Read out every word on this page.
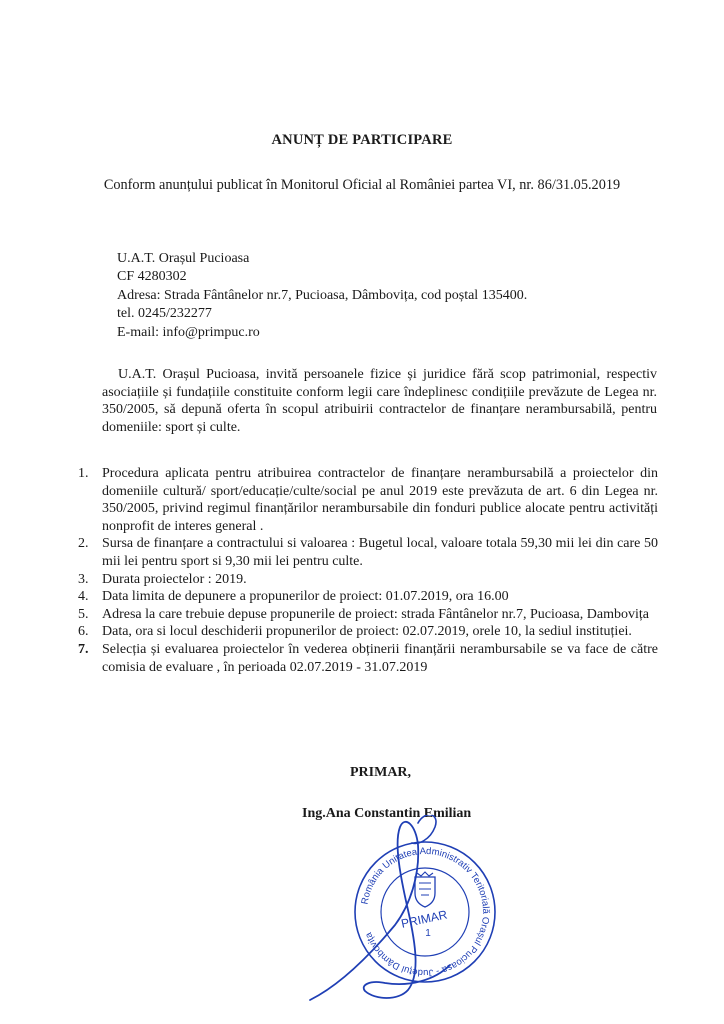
ANUNȚ DE PARTICIPARE
Conform anunțului publicat în Monitorul Oficial al României partea VI, nr. 86/31.05.2019
U.A.T. Orașul Pucioasa
CF 4280302
Adresa: Strada Fântânelor nr.7, Pucioasa, Dâmbovița, cod poștal 135400.
tel. 0245/232277
E-mail: info@primpuc.ro
U.A.T. Orașul Pucioasa, invită persoanele fizice și juridice fără scop patrimonial, respectiv asociațiile și fundațiile constituite conform legii care îndeplinesc condițiile prevăzute de Legea nr. 350/2005, să depună oferta în scopul atribuirii contractelor de finanțare nerambursabilă, pentru domeniile: sport și culte.
1. Procedura aplicata pentru atribuirea contractelor de finanțare nerambursabilă a proiectelor din domeniile cultură/ sport/educație/culte/social pe anul 2019 este prevăzuta de art. 6 din Legea nr. 350/2005, privind regimul finanțărilor nerambursabile din fonduri publice alocate pentru activități nonprofit de interes general .
2. Sursa de finanțare a contractului si valoarea : Bugetul local, valoare totala 59,30 mii lei din care 50 mii lei pentru sport si 9,30 mii lei pentru culte.
3. Durata proiectelor : 2019.
4. Data limita de depunere a propunerilor de proiect: 01.07.2019, ora 16.00
5. Adresa la care trebuie depuse propunerile de proiect: strada Fântânelor nr.7, Pucioasa, Dambovița
6. Data, ora si locul deschiderii propunerilor de proiect: 02.07.2019, orele 10, la sediul instituției.
7. Selecția și evaluarea proiectelor în vederea obținerii finanțării nerambursabile se va face de către comisia de evaluare , în perioada 02.07.2019 - 31.07.2019
PRIMAR,
Ing.Ana Constantin Emilian
România Unitatea Administrativ Teritorială Orașul Pucioasa - Județul Dâmbovița
PRIMAR
1
